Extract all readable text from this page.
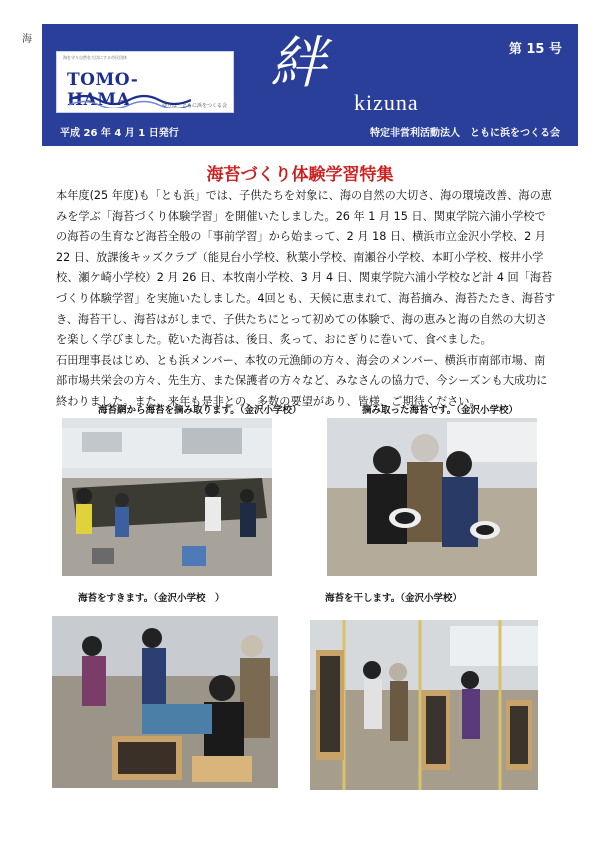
海
海を守り自然を大切にする市民団体
TOMO-HAMA	ゆりぱ　ともに浜をつくる会
絆
kizuna
第 15 号
平成 26 年 4 月 1 日発行	特定非営利活動法人　ともに浜をつくる会
海苔づくり体験学習特集

本年度(25 年度)も「とも浜」では、子供たちを対象に、海の自然の大切さ、海の環境改善、海の恵みを学ぶ「海苔づくり体験学習」を開催いたしました。26 年 1 月 15 日、関東学院六浦小学校での海苔の生育など海苔全般の「事前学習」から始まって、2 月 18 日、横浜市立金沢小学校、2 月 22 日、放課後キッズクラブ（能見台小学校、秋葉小学校、南瀬谷小学校、本町小学校、桜井小学校、瀬ケ崎小学校）2 月 26 日、本牧南小学校、3 月 4 日、関東学院六浦小学校など計 4 回「海苔づくり体験学習」を実施いたしました。4回とも、天候に恵まれて、海苔摘み、海苔たたき、海苔すき、海苔干し、海苔はがしまで、子供たちにとって初めての体験で、海の恵みと海の自然の大切さを楽しく学びました。乾いた海苔は、後日、炙って、おにぎりに巻いて、食べました。

石田理事長はじめ、とも浜メンバー、本牧の元漁師の方々、海会のメンバー、横浜市南部市場、南部市場共栄会の方々、先生方、また保護者の方々など、みなさんの協力で、今シーズンも大成功に終わりました。また、来年も是非との、多数の要望があり、皆様、ご期待ください。

海苔網から海苔を摘み取ります。（金沢小学校）	摘み取った海苔です。（金沢小学校）
海苔をすきます。（金沢小学校　）	海苔を干します。（金沢小学校）
